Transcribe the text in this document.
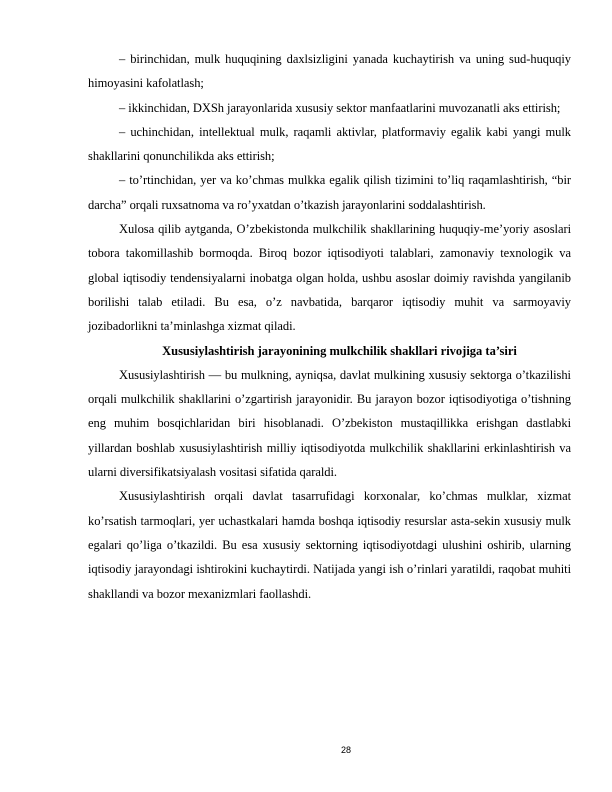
– birinchidan, mulk huquqining daxlsizligini yanada kuchaytirish va uning sud-huquqiy himoyasini kafolatlash;

– ikkinchidan, DXSh jarayonlarida xususiy sektor manfaatlarini muvozanatli aks ettirish;

– uchinchidan, intellektual mulk, raqamli aktivlar, platformaviy egalik kabi yangi mulk shakllarini qonunchilikda aks ettirish;

– to’rtinchidan, yer va ko’chmas mulkka egalik qilish tizimini to’liq raqamlashtirish, “bir darcha” orqali ruxsatnoma va ro’yxatdan o’tkazish jarayonlarini soddalashtirish.

Xulosa qilib aytganda, O’zbekistonda mulkchilik shakllarining huquqiy-me’yoriy asoslari tobora takomillashib bormoqda. Biroq bozor iqtisodiyoti talablari, zamonaviy texnologik va global iqtisodiy tendensiyalarni inobatga olgan holda, ushbu asoslar doimiy ravishda yangilanib borilishi talab etiladi. Bu esa, o’z navbatida, barqaror iqtisodiy muhit va sarmoyaviy jozibadorlikni ta’minlashga xizmat qiladi.

Xususiylashtirish jarayonining mulkchilik shakllari rivojiga ta’siri

Xususiylashtirish — bu mulkning, ayniqsa, davlat mulkining xususiy sektorga o’tkazilishi orqali mulkchilik shakllarini o’zgartirish jarayonidir. Bu jarayon bozor iqtisodiyotiga o’tishning eng muhim bosqichlaridan biri hisoblanadi. O’zbekiston mustaqillikka erishgan dastlabki yillardan boshlab xususiylashtirish milliy iqtisodiyotda mulkchilik shakllarini erkinlashtirish va ularni diversifikatsiyalash vositasi sifatida qaraldi.

Xususiylashtirish orqali davlat tasarrufidagi korxonalar, ko’chmas mulklar, xizmat ko’rsatish tarmoqlari, yer uchastkalari hamda boshqa iqtisodiy resurslar asta-sekin xususiy mulk egalari qo’liga o’tkazildi. Bu esa xususiy sektorning iqtisodiyotdagi ulushini oshirib, ularning iqtisodiy jarayondagi ishtirokini kuchaytirdi. Natijada yangi ish o’rinlari yaratildi, raqobat muhiti shakllandi va bozor mexanizmlari faollashdi.

28
